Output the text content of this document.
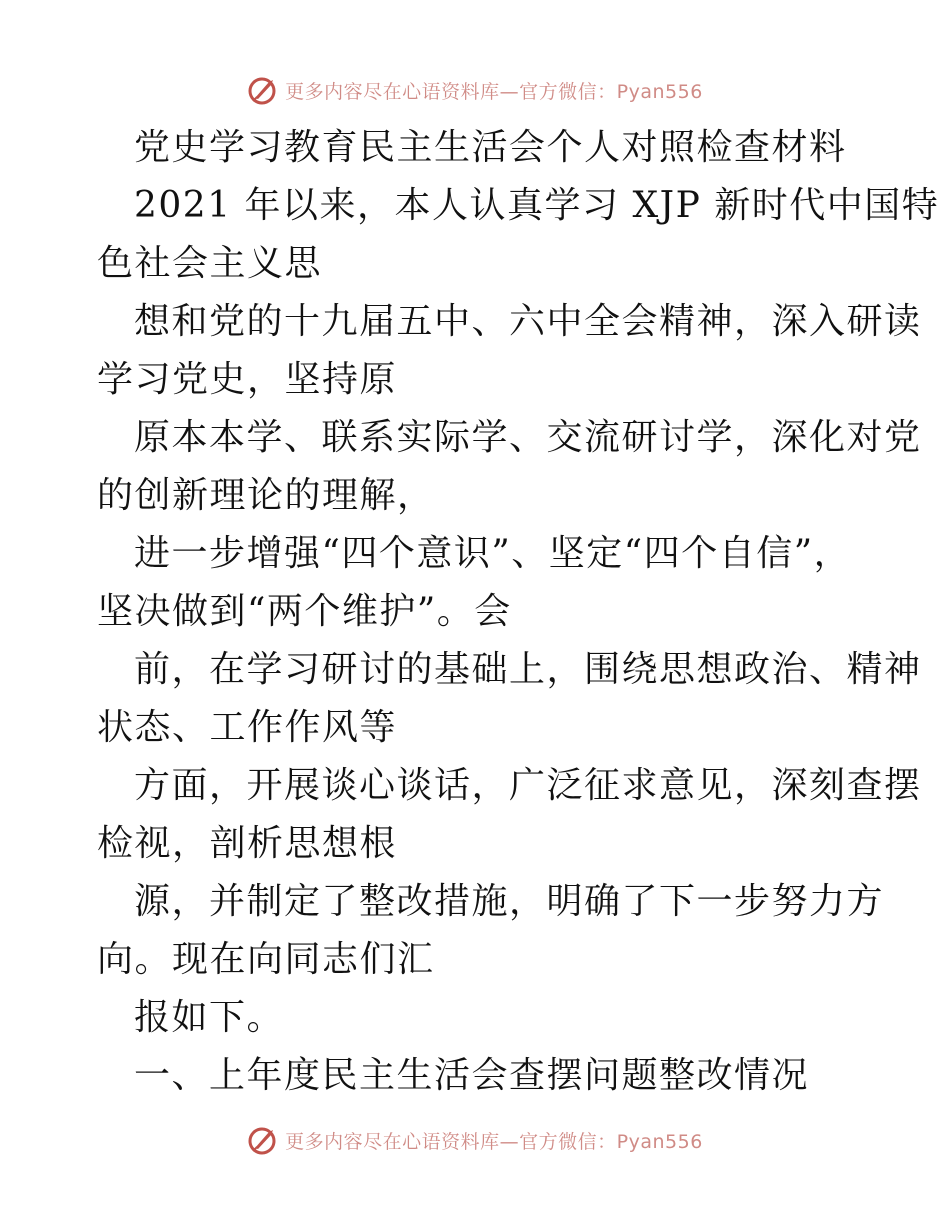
更多内容尽在心语资料库—官方微信：Pyan556
党史学习教育民主生活会个人对照检查材料
2021 年以来，本人认真学习 XJP 新时代中国特
色社会主义思
想和党的十九届五中、六中全会精神，深入研读
学习党史，坚持原
原本本学、联系实际学、交流研讨学，深化对党
的创新理论的理解，
进一步增强“四个意识”、坚定“四个自信”，
坚决做到“两个维护”。会
前，在学习研讨的基础上，围绕思想政治、精神
状态、工作作风等
方面，开展谈心谈话，广泛征求意见，深刻查摆
检视，剖析思想根
源，并制定了整改措施，明确了下一步努力方
向。现在向同志们汇
报如下。
一、上年度民主生活会查摆问题整改情况
更多内容尽在心语资料库—官方微信：Pyan556
